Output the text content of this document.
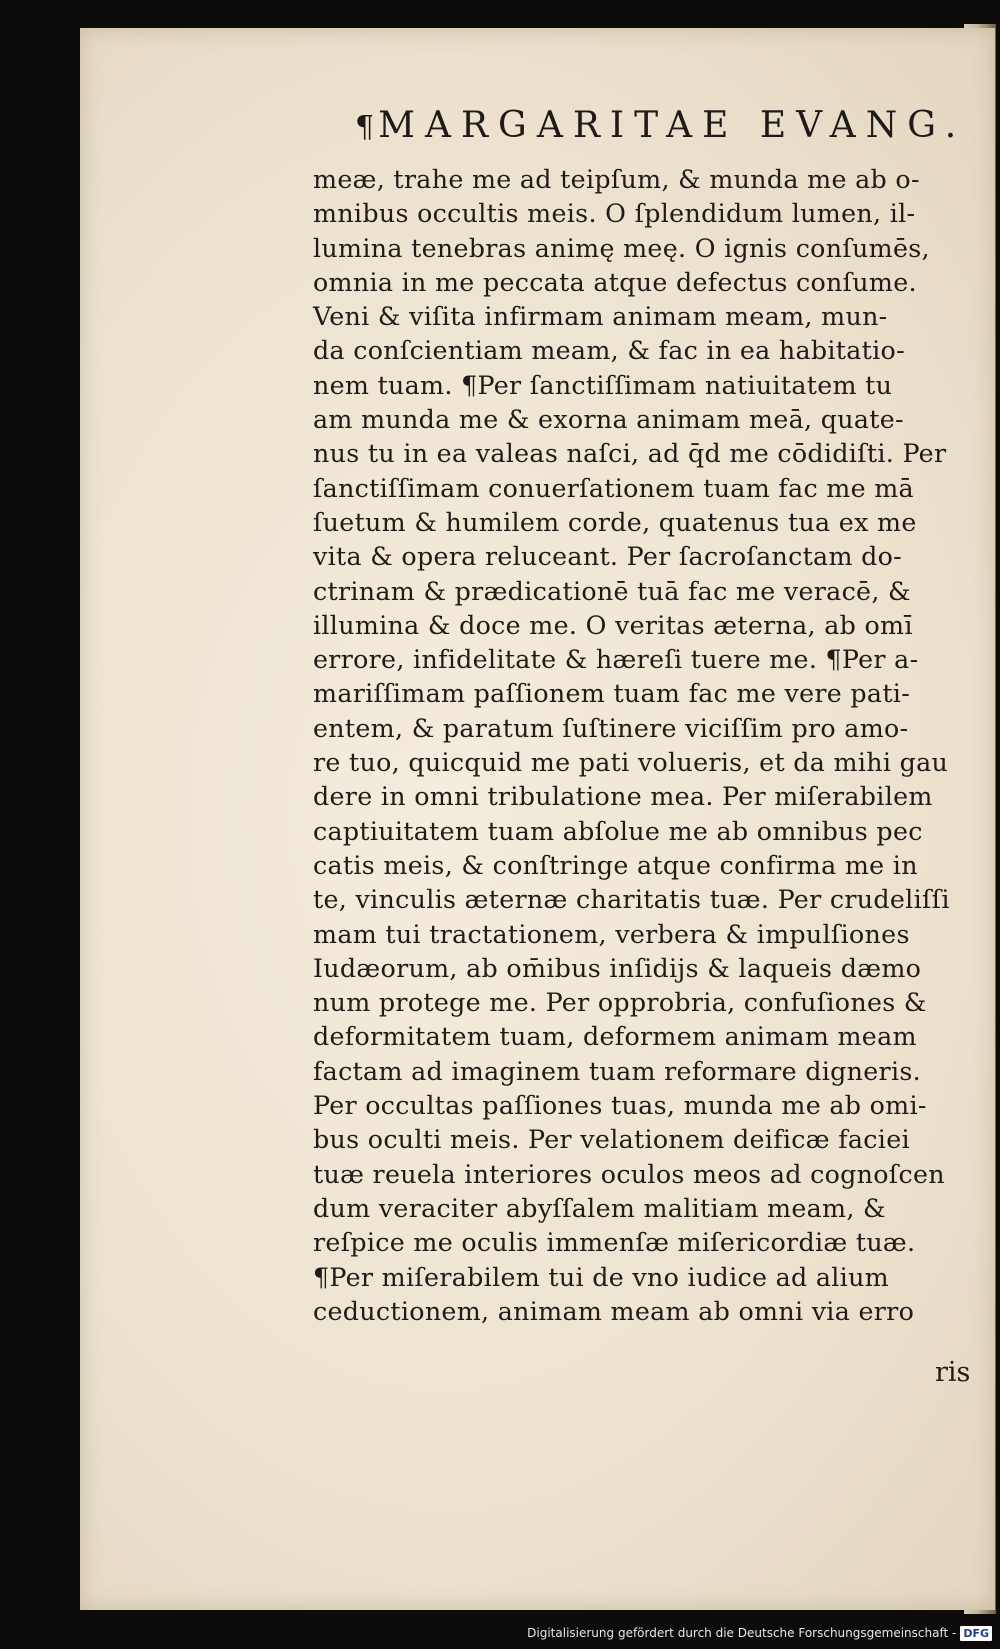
¶MARGARITAE EVANG.
meæ, trahe me ad teipſum, & munda me ab o-
mnibus occultis meis. O ſplendidum lumen, il-
lumina tenebras animę meę. O ignis conſumēs,
omnia in me peccata atque defectus conſume.
Veni & viſita infirmam animam meam, mun-
da conſcientiam meam, & fac in ea habitatio-
nem tuam. ¶Per ſanctiſſimam natiuitatem tu
am munda me & exorna animam meā, quate-
nus tu in ea valeas naſci, ad q̄d me cōdidiſti. Per
ſanctiſſimam conuerſationem tuam fac me mā
ſuetum & humilem corde, quatenus tua ex me
vita & opera reluceant. Per ſacroſanctam do-
ctrinam & prædicationē tuā fac me veracē, &
illumina & doce me. O veritas æterna, ab omī
errore, infidelitate & hæreſi tuere me. ¶Per a-
mariſſimam paſſionem tuam fac me vere pati-
entem, & paratum ſuſtinere viciſſim pro amo-
re tuo, quicquid me pati volueris, et da mihi gau
dere in omni tribulatione mea. Per miſerabilem
captiuitatem tuam abſolue me ab omnibus pec
catis meis, & conſtringe atque confirma me in
te, vinculis æternæ charitatis tuæ. Per crudeliſſi
mam tui tractationem, verbera & impulſiones
Iudæorum, ab om̄ibus inſidijs & laqueis dæmo
num protege me. Per opprobria, confuſiones &
deformitatem tuam, deformem animam meam
factam ad imaginem tuam reformare digneris.
Per occultas paſſiones tuas, munda me ab omi-
bus oculti meis. Per velationem deificæ faciei
tuæ reuela interiores oculos meos ad cognoſcen
dum veraciter abyſſalem malitiam meam, &
reſpice me oculis immenſæ miſericordiæ tuæ.
¶Per miſerabilem tui de vno iudice ad alium
ceductionem, animam meam ab omni via erro
ris
Digitalisierung gefördert durch die Deutsche Forschungsgemeinschaft - DFG
